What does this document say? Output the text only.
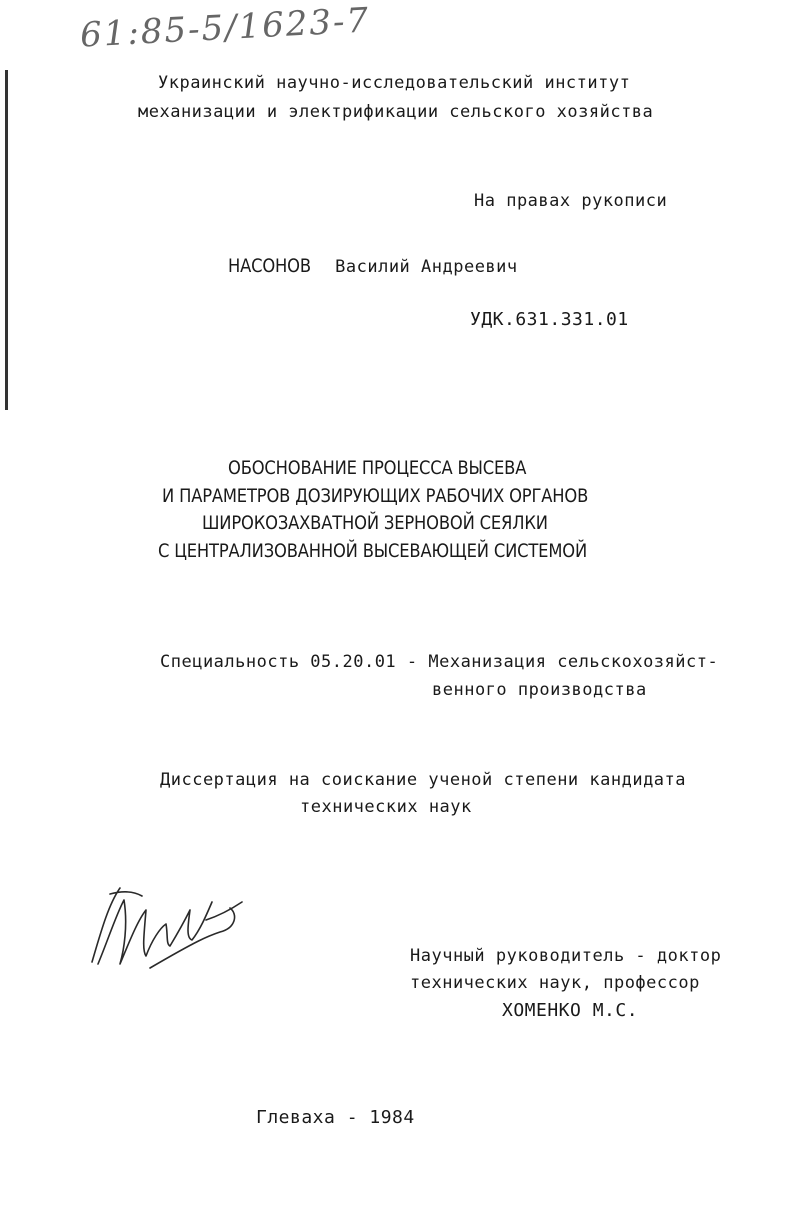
61:85-5/1623-7
Украинский научно-исследовательский институт
механизации и электрификации сельского хозяйства
На правах рукописи
НАСОНОВ Василий Андреевич
УДК.631.331.01
ОБОСНОВАНИЕ ПРОЦЕССА ВЫСЕВА
И ПАРАМЕТРОВ ДОЗИРУЮЩИХ РАБОЧИХ ОРГАНОВ
ШИРОКОЗАХВАТНОЙ ЗЕРНОВОЙ СЕЯЛКИ
С ЦЕНТРАЛИЗОВАННОЙ ВЫСЕВАЮЩЕЙ СИСТЕМОЙ
Специальность 05.20.01 - Механизация сельскохозяйст-
венного производства
Диссертация на соискание ученой степени кандидата
технических наук
Научный руководитель - доктор
технических наук, профессор
ХОМЕНКО М.С.
Глеваха - 1984
